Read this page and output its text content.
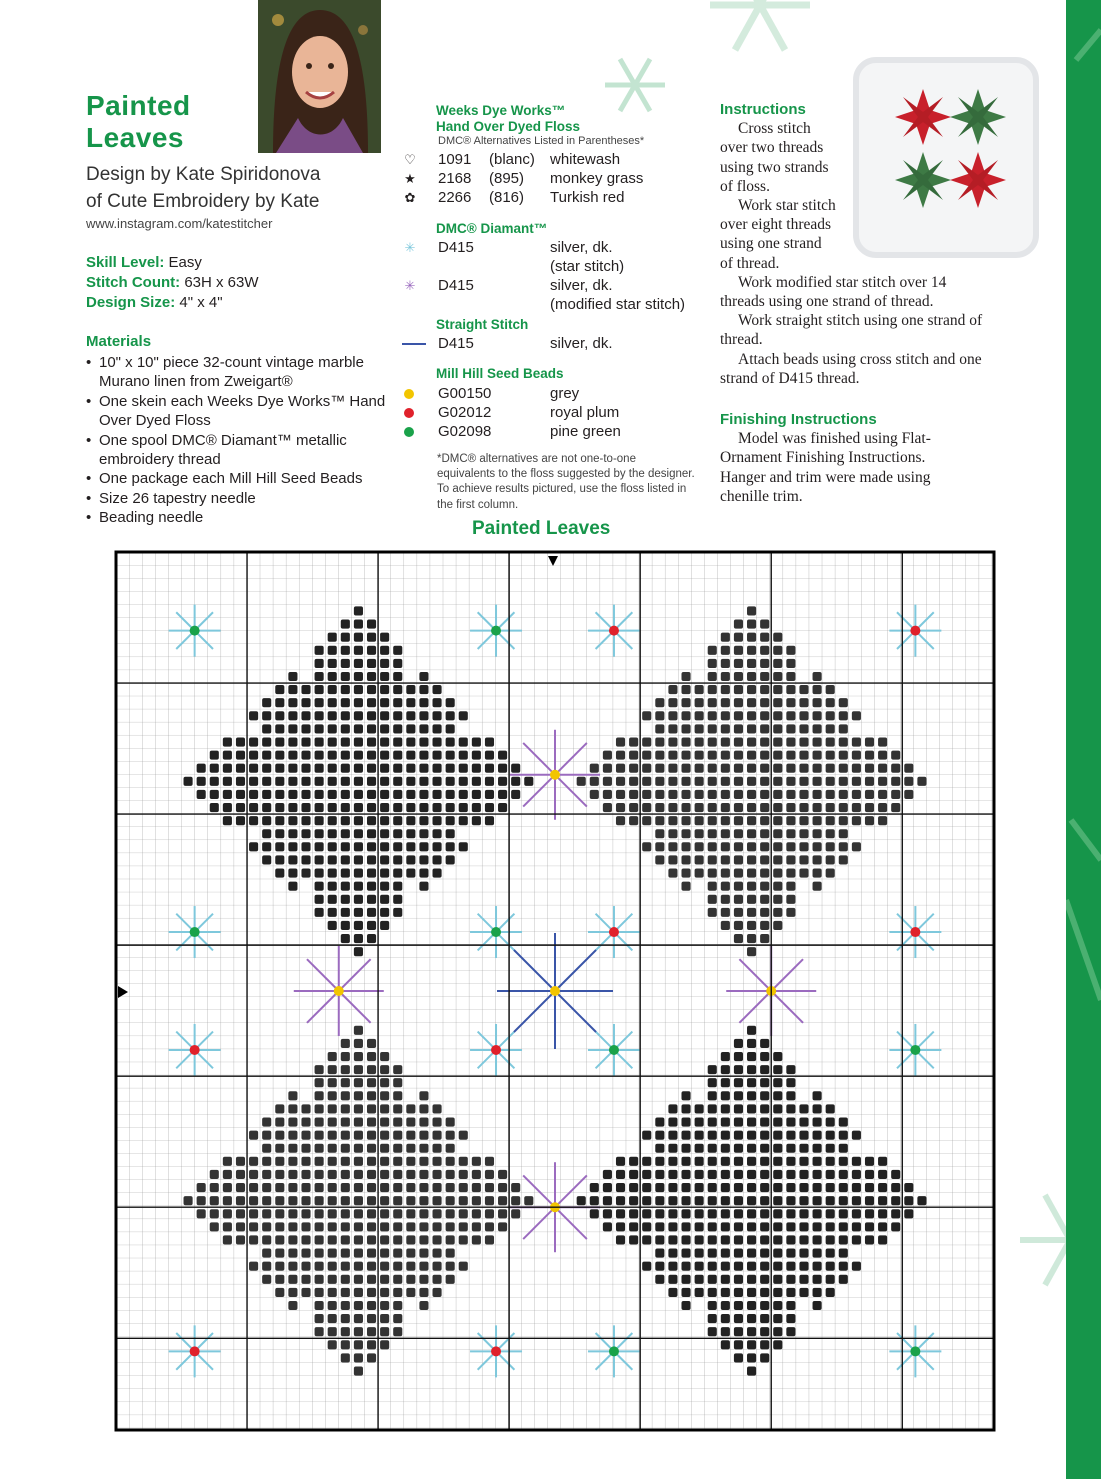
Painted
Leaves
Design by Kate Spiridonova
of Cute Embroidery by Kate
www.instagram.com/katestitcher
Skill Level: Easy
Stitch Count: 63H x 63W
Design Size: 4" x 4"
Materials
• 10" x 10" piece 32-count vintage marble Murano linen from Zweigart®
• One skein each Weeks Dye Works™ Hand Over Dyed Floss
• One spool DMC® Diamant™ metallic embroidery thread
• One package each Mill Hill Seed Beads
• Size 26 tapestry needle
• Beading needle
Weeks Dye Works™
Hand Over Dyed Floss
DMC® Alternatives Listed in Parentheses*
♡ 1091 (blanc) whitewash
★ 2168 (895) monkey grass
✿ 2266 (816) Turkish red
DMC® Diamant™
✳ D415	silver, dk.
(star stitch)
✳ D415	silver, dk.
(modified star stitch)
Straight Stitch
D415	silver, dk.
Mill Hill Seed Beads
G00150	grey
G02012	royal plum
G02098	pine green
*DMC® alternatives are not one-to-one equivalents to the floss suggested by the designer. To achieve results pictured, use the floss listed in the first column.
Instructions
Cross stitch over two threads using two strands of floss.
Work star stitch over eight threads using one strand of thread.
Work modified star stitch over 14 threads using one strand of thread.
Work straight stitch using one strand of thread.
Attach beads using cross stitch and one strand of D415 thread.
Finishing Instructions
Model was finished using Flat-Ornament Finishing Instructions. Hanger and trim were made using chenille trim.
Painted Leaves
